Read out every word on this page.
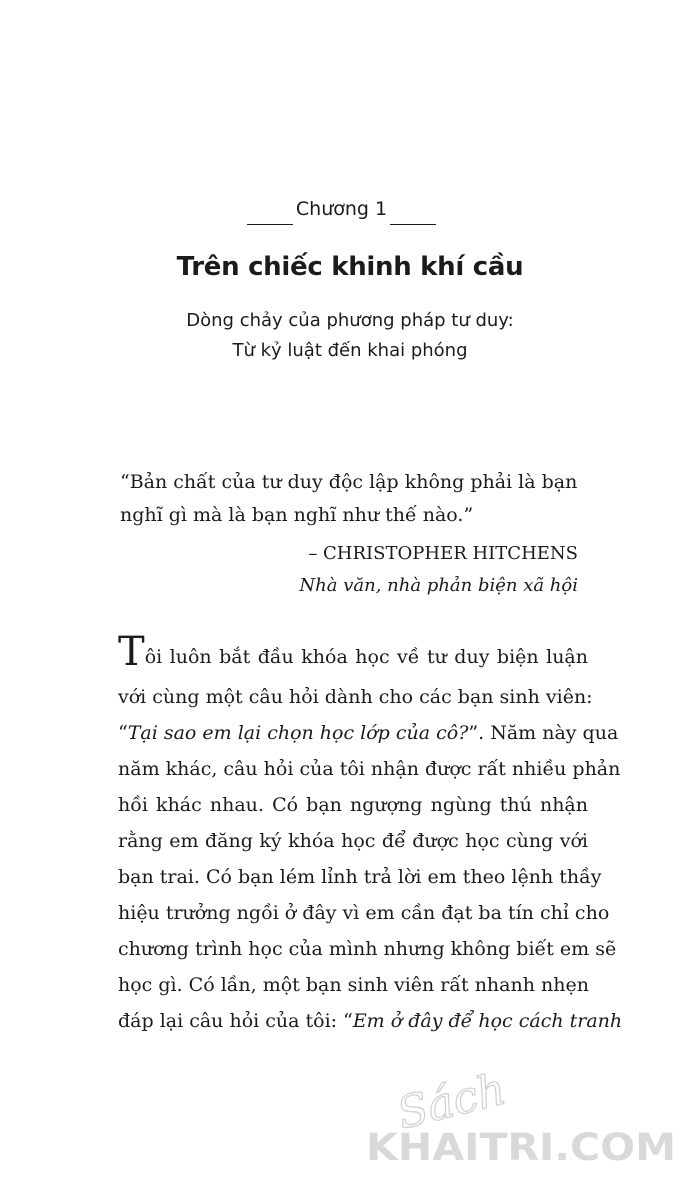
Chương 1
Trên chiếc khinh khí cầu
Dòng chảy của phương pháp tư duy:
Từ kỷ luật đến khai phóng
“Bản chất của tư duy độc lập không phải là bạn
nghĩ gì mà là bạn nghĩ như thế nào.”
– CHRISTOPHER HITCHENS
Nhà văn, nhà phản biện xã hội
Tôi luôn bắt đầu khóa học về tư duy biện luận
với cùng một câu hỏi dành cho các bạn sinh viên:
“Tại sao em lại chọn học lớp của cô?”. Năm này qua
năm khác, câu hỏi của tôi nhận được rất nhiều phản
hồi khác nhau. Có bạn ngượng ngùng thú nhận
rằng em đăng ký khóa học để được học cùng với
bạn trai. Có bạn lém lỉnh trả lời em theo lệnh thầy
hiệu trưởng ngồi ở đây vì em cần đạt ba tín chỉ cho
chương trình học của mình nhưng không biết em sẽ
học gì. Có lần, một bạn sinh viên rất nhanh nhẹn
đáp lại câu hỏi của tôi: “Em ở đây để học cách tranh
Sách
KHAITRI.COM
